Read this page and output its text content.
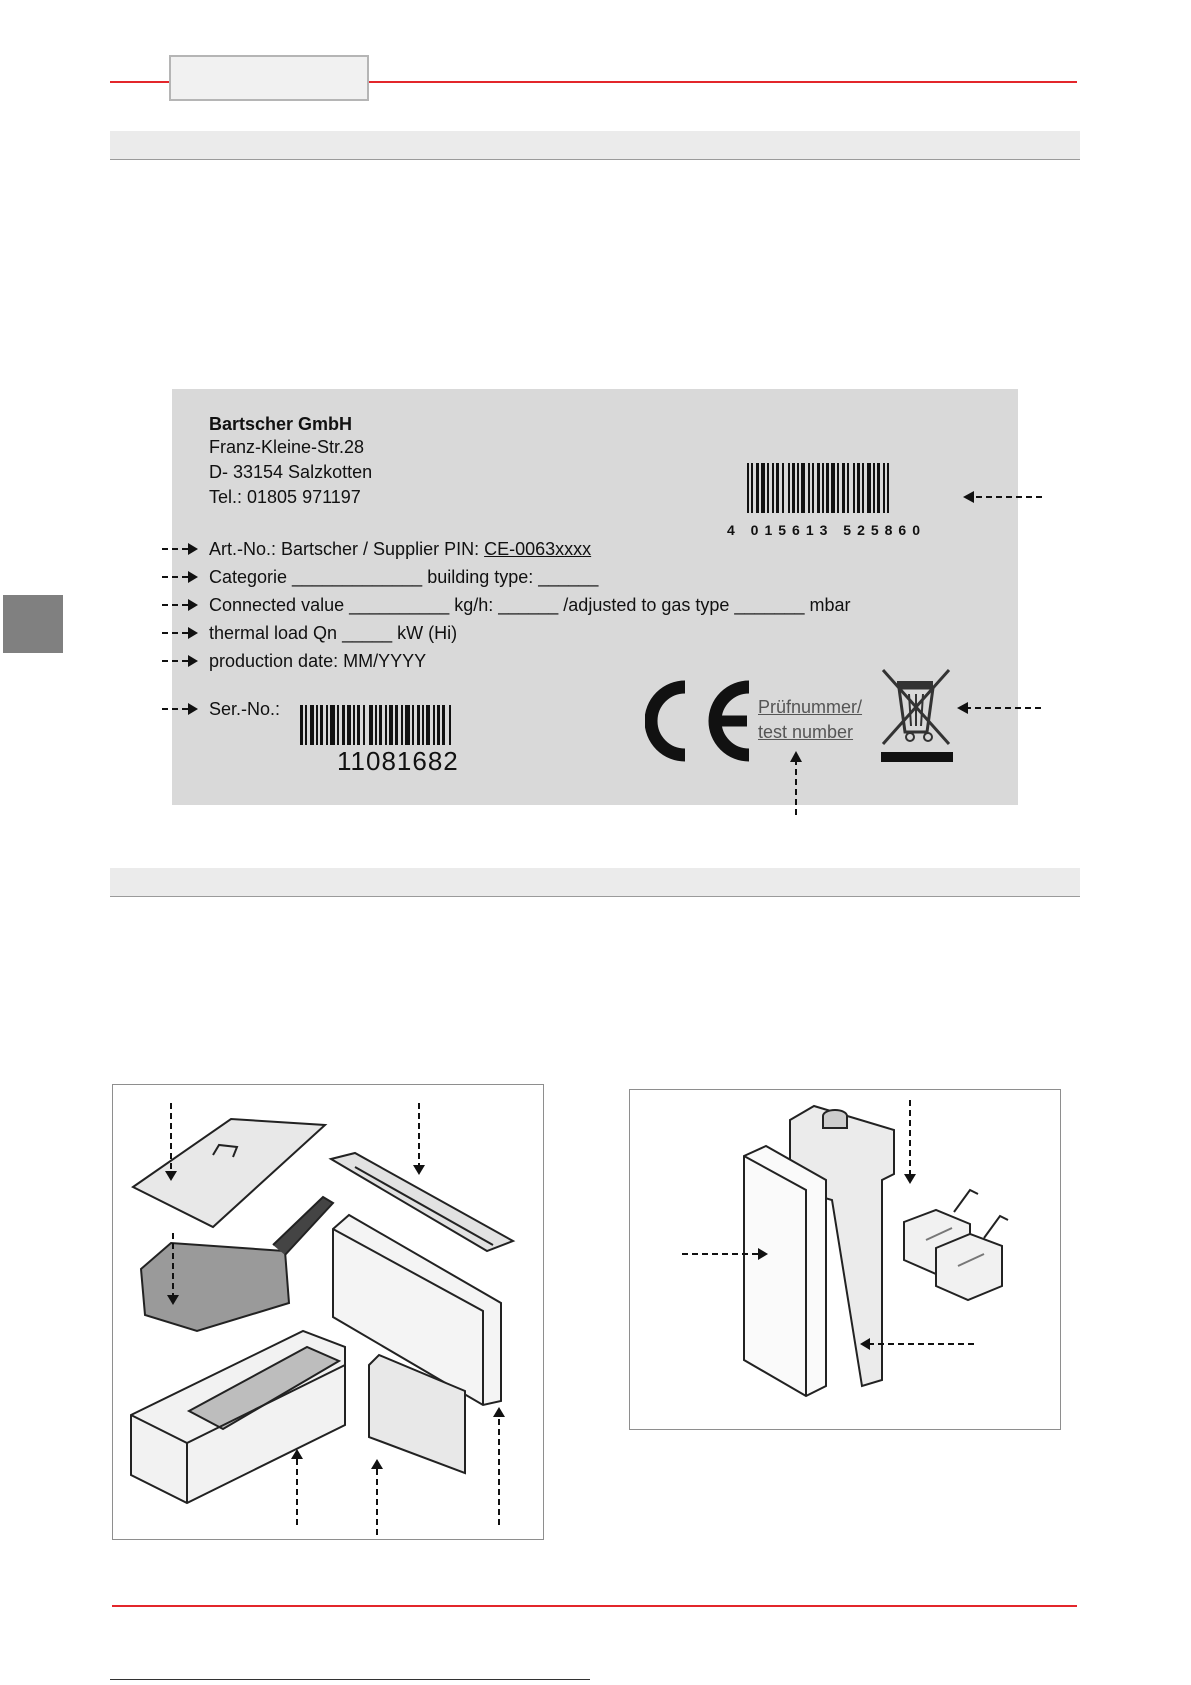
Bartscher GmbH
Franz-Kleine-Str.28
D- 33154 Salzkotten
Tel.: 01805 971197
Art.-No.: Bartscher / Supplier PIN: CE-0063xxxx
Categorie _____________ building type: ______
Connected value __________ kg/h: ______ /adjusted to gas type _______ mbar
thermal load Qn _____ kW (Hi)
production date: MM/YYYY
Ser.-No.:
11081682
4 015613 525860
Prüfnummer/
test number
